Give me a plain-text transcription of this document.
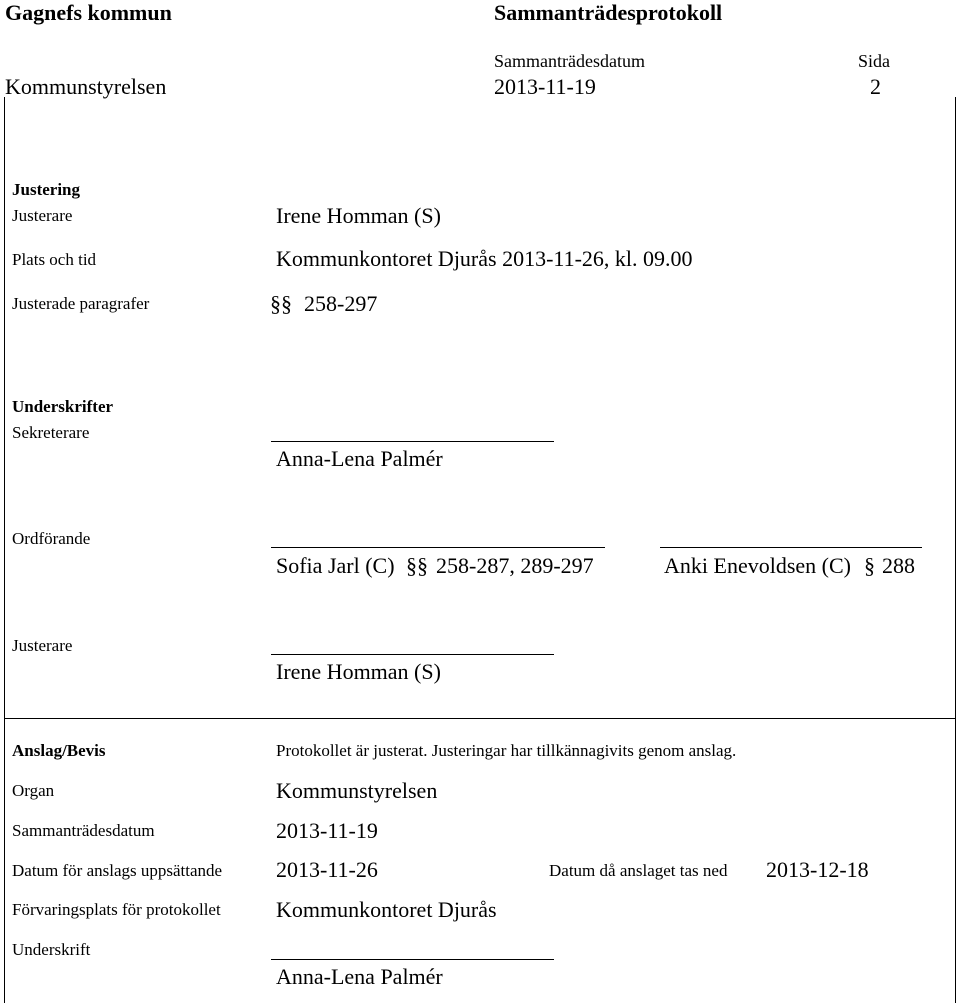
Gagnefs kommun	Sammanträdesprotokoll
Sammanträdesdatum	Sida
Kommunstyrelsen	2013-11-19	2
Justering
Justerare	Irene Homman (S)
Plats och tid	Kommunkontoret Djurås 2013-11-26, kl. 09.00
Justerade paragrafer	§§ 258-297
Underskrifter
Sekreterare
Anna-Lena Palmér
Ordförande
Sofia Jarl (C) §§ 258-287, 289-297	Anki Enevoldsen (C) § 288
Justerare
Irene Homman (S)
Anslag/Bevis	Protokollet är justerat. Justeringar har tillkännagivits genom anslag.
Organ	Kommunstyrelsen
Sammanträdesdatum	2013-11-19
Datum för anslags uppsättande 2013-11-26	Datum då anslaget tas ned 2013-12-18
Förvaringsplats för protokollet	Kommunkontoret Djurås
Underskrift
Anna-Lena Palmér
